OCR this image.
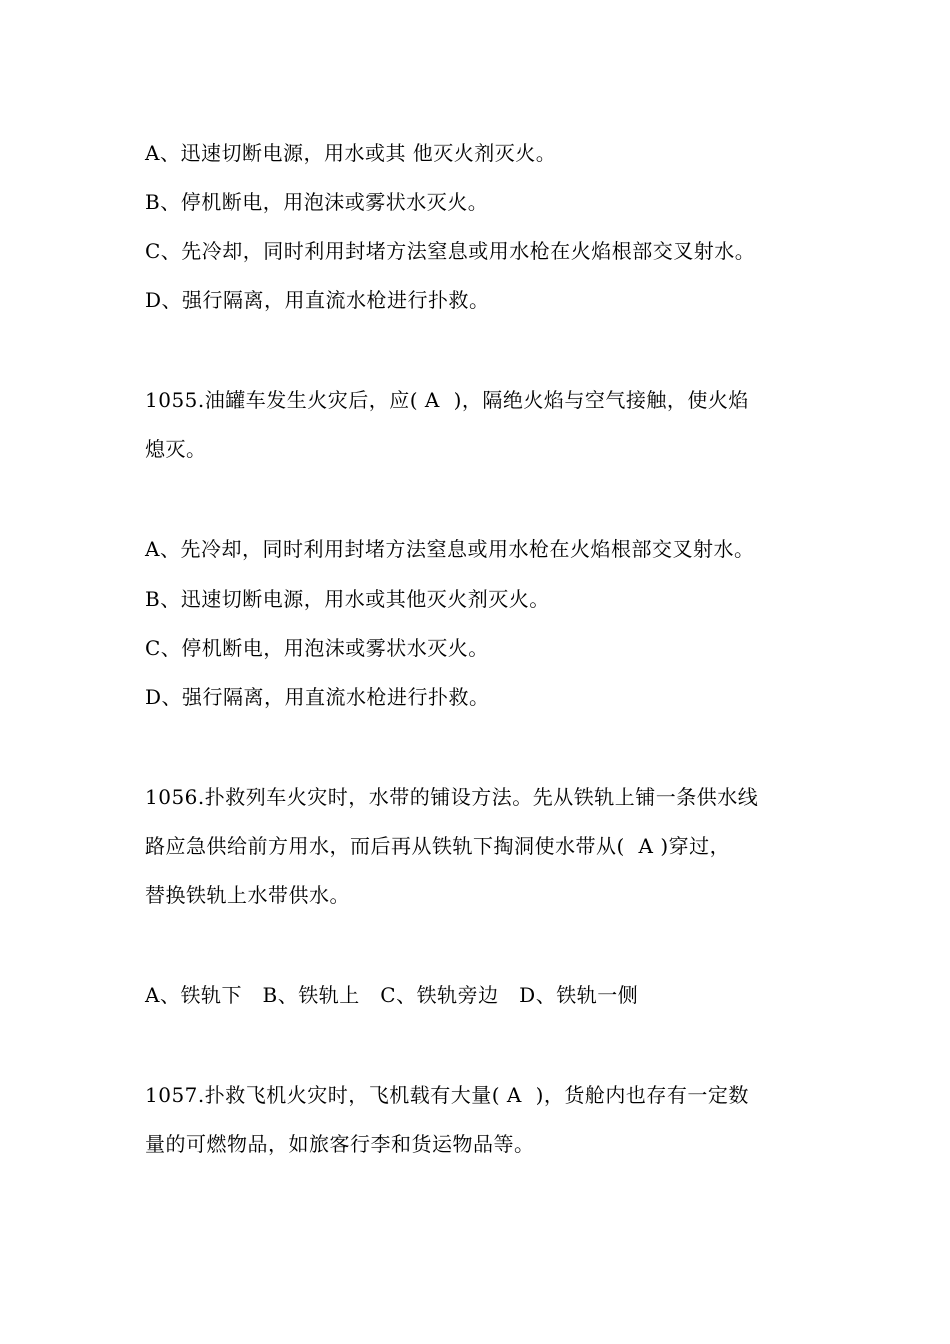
A、迅速切断电源，用水或其 他灭火剂灭火。
B、停机断电，用泡沫或雾状水灭火。
C、先冷却，同时利用封堵方法窒息或用水枪在火焰根部交叉射水。
D、强行隔离，用直流水枪进行扑救。
1055.油罐车发生火灾后，应( A  )，隔绝火焰与空气接触，使火焰
熄灭。
A、先冷却，同时利用封堵方法窒息或用水枪在火焰根部交叉射水。
B、迅速切断电源，用水或其他灭火剂灭火。
C、停机断电，用泡沫或雾状水灭火。
D、强行隔离，用直流水枪进行扑救。
1056.扑救列车火灾时，水带的铺设方法。先从铁轨上铺一条供水线
路应急供给前方用水，而后再从铁轨下掏洞使水带从(  A )穿过，
替换铁轨上水带供水。
A、铁轨下   B、铁轨上   C、铁轨旁边   D、铁轨一侧
1057.扑救飞机火灾时，飞机载有大量( A  )，货舱内也存有一定数
量的可燃物品，如旅客行李和货运物品等。
